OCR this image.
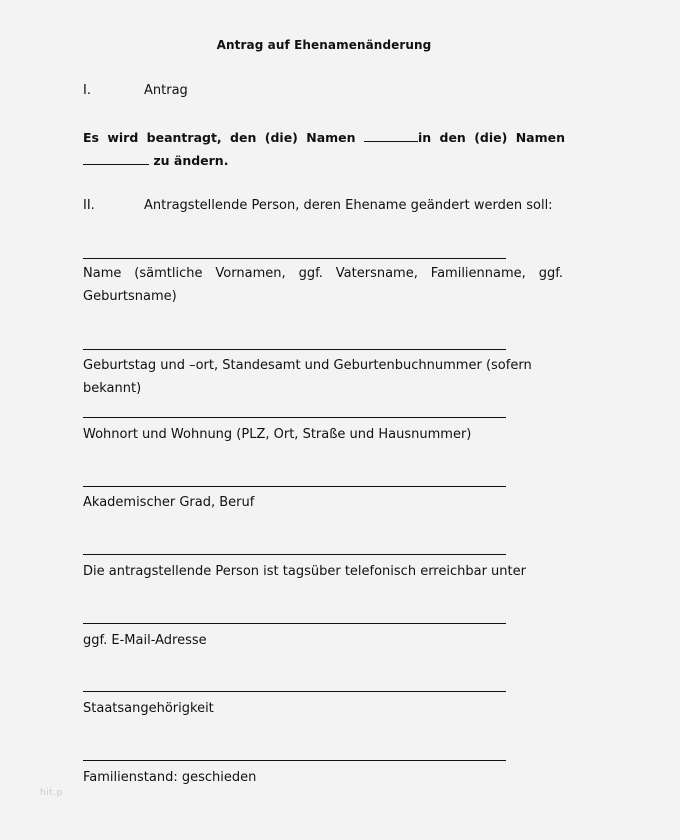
Antrag auf Ehenamenänderung
I.	Antrag
Es wird beantragt, den (die) Namen	in den (die) Namen  zu ändern.
II.	Antragstellende Person, deren Ehename geändert werden soll:
Name (sämtliche Vornamen, ggf. Vatersname, Familienname, ggf. Geburtsname)
Geburtstag und –ort, Standesamt und Geburtenbuchnummer (sofern bekannt)
Wohnort und Wohnung (PLZ, Ort, Straße und Hausnummer)
Akademischer Grad, Beruf
Die antragstellende Person ist tagsüber telefonisch erreichbar unter
ggf. E-Mail-Adresse
Staatsangehörigkeit
Familienstand: geschieden
hit.p
